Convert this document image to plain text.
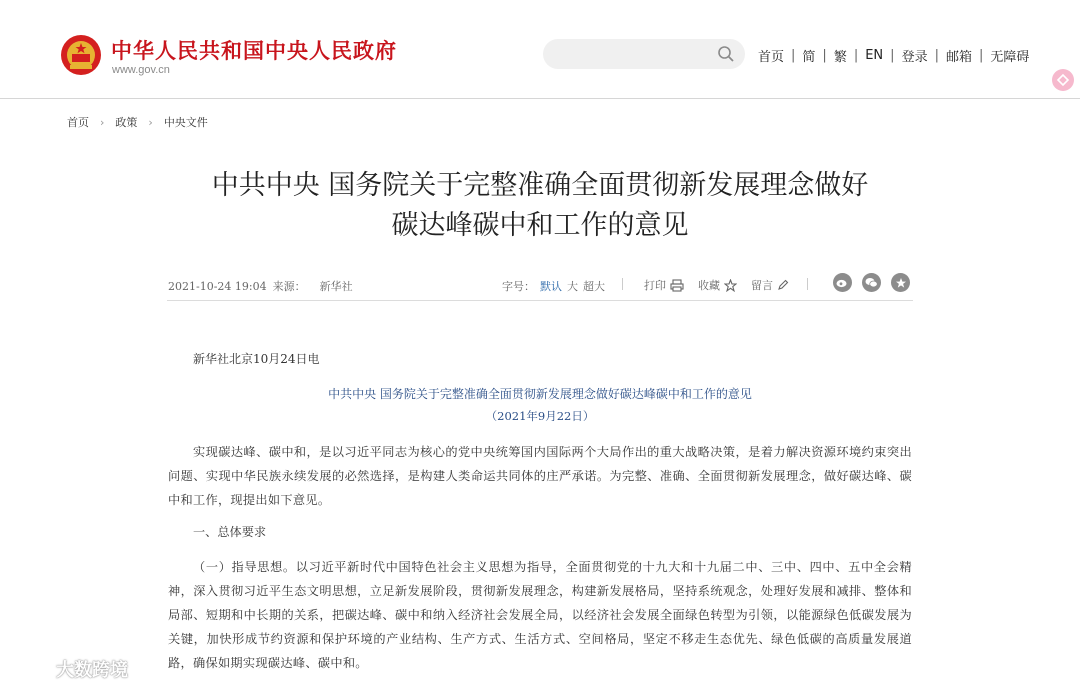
中华人民共和国中央人民政府
www.gov.cn
首页 | 简 | 繁 | EN | 登录 | 邮箱 | 无障碍
首页 › 政策 › 中央文件
中共中央 国务院关于完整准确全面贯彻新发展理念做好
碳达峰碳中和工作的意见
2021-10-24 19:04 来源： 新华社	字号： 默认 大 超大	打印	收藏	留言
新华社北京10月24日电
中共中央 国务院关于完整准确全面贯彻新发展理念做好碳达峰碳中和工作的意见
（2021年9月22日）
实现碳达峰、碳中和，是以习近平同志为核心的党中央统筹国内国际两个大局作出的重大战略决策，是着力解决资源环境约束突出问题、实现中华民族永续发展的必然选择，是构建人类命运共同体的庄严承诺。为完整、准确、全面贯彻新发展理念，做好碳达峰、碳中和工作，现提出如下意见。
一、总体要求
（一）指导思想。以习近平新时代中国特色社会主义思想为指导，全面贯彻党的十九大和十九届二中、三中、四中、五中全会精神，深入贯彻习近平生态文明思想，立足新发展阶段，贯彻新发展理念，构建新发展格局，坚持系统观念，处理好发展和减排、整体和局部、短期和中长期的关系，把碳达峰、碳中和纳入经济社会发展全局，以经济社会发展全面绿色转型为引领，以能源绿色低碳发展为关键，加快形成节约资源和保护环境的产业结构、生产方式、生活方式、空间格局，坚定不移走生态优先、绿色低碳的高质量发展道路，确保如期实现碳达峰、碳中和。
大数跨境
